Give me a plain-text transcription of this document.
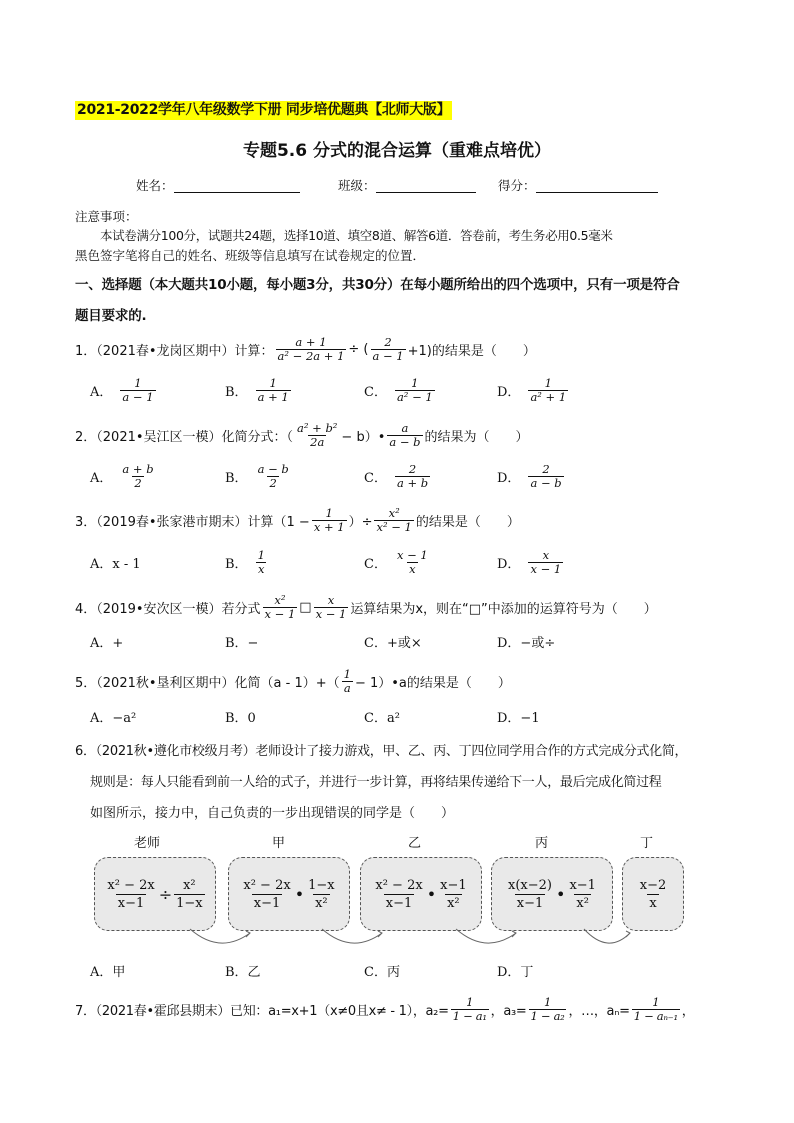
2021-2022学年八年级数学下册 同步培优题典【北师大版】
专题5.6 分式的混合运算（重难点培优）
姓名：	班级：	得分：
注意事项：
本试卷满分100分，试题共24题，选择10道、填空8道、解答6道．答卷前，考生务必用0.5毫米
黑色签字笔将自己的姓名、班级等信息填写在试卷规定的位置．
一、选择题（本大题共10小题，每小题3分，共30分）在每小题所给出的四个选项中，只有一项是符合
题目要求的.
1．（2021春•龙岗区期中）计算： $\frac{a + 1}{\text{a² − 2a + 1}}$ ÷ ( $\frac{2}{a - 1} +1$)的结果是（　　）
A． $\frac{1}{a - 1}$	B． $\frac{1}{a + 1}$	C． $\frac{1}{\text{a² − 1}}$	D． $\frac{1}{\text{a² + 1}}$
2．（2021•吴江区一模）化简分式：（ $\frac{\text{a² + b²}}{2a}$ − b）• $\frac{a}{a - b}$ 的结果为（　　）
A． $\frac{a + b}{2}$	B． $\frac{a - b}{2}$	C． $\frac{2}{a + b}$	D． $\frac{2}{a - b}$
3．（2019春•张家港市期末）计算（$1 - \frac{1}{x + 1}$ ）÷ $\frac{\text{x²}}{\text{x² − 1}}$ 的结果是（　　）
A．x - 1	B． $\frac{1}{x}$	C． $\frac{x - 1}{x}$	D． $\frac{x}{x - 1}$
4．（2019•安次区一模）若分式 $\frac{\text{x²}}{x - 1}$ □ $\frac{x}{x - 1}$ 运算结果为x，则在“□”中添加的运算符号为（　　）
A．+	B．−	C．+或×	D．−或÷
5．（2021秋•垦利区期中）化简$(a - 1)+( \frac{1}{a}$ − 1）•a的结果是（　　）
A．−a²	B．0	C．a²	D．−1
6．（2021秋•遵化市校级月考）老师设计了接力游戏，甲、乙、丙、丁四位同学用合作的方式完成分式化简，
规则是：每人只能看到前一人给的式子，并进行一步计算，再将结果传递给下一人，最后完成化简过程
如图所示，接力中，自己负责的一步出现错误的同学是（　　）
老师	甲	乙	丙	丁
$\frac{\text{x² − 2x}}{x-1} \div \frac{\text{x²}}{1-x}$	$\frac{\text{x² − 2x}}{x-1}$ • $\frac{1-x}{\text{x²}}$	$\frac{\text{x² − 2x}}{x-1}$ • $\frac{x-1}{\text{x²}}$	$\frac{x(x-2)}{x-1}$ • $\frac{x-1}{\text{x²}}$	$\frac{x-2}{x}$
A．甲	B．乙	C．丙	D．丁
7．（2021春•霍邱县期末）已知：a₁=x+1（x≠0且x≠ - 1），$a_2= \frac{1}{\text{1 − a₁}}$ ，$a_3= \frac{1}{\text{1 − a₂}}$ ，…，$a_n= \frac{1}{\text{1 − aₙ₋₁}}$ ，
